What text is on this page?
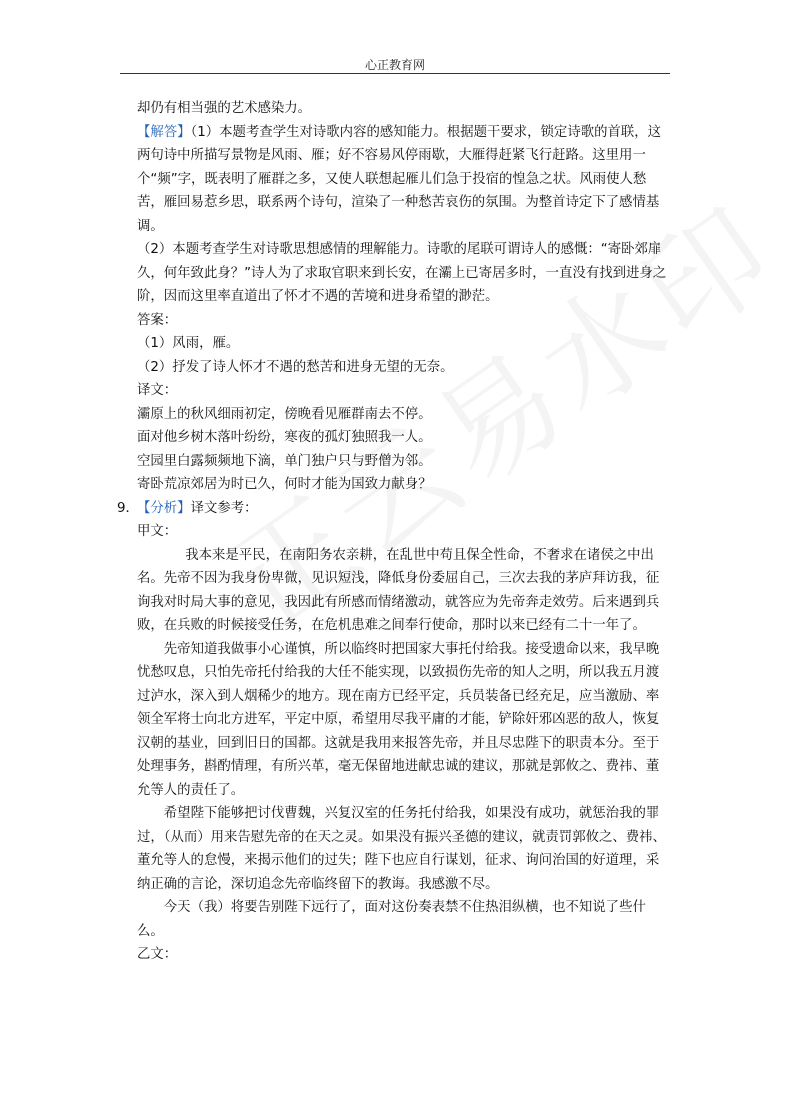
心正教育网

却仍有相当强的艺术感染力。

【解答】（1）本题考查学生对诗歌内容的感知能力。根据题干要求，锁定诗歌的首联，这两句诗中所描写景物是风雨、雁；好不容易风停雨歇，大雁得赶紧飞行赶路。这里用一个“频”字，既表明了雁群之多，又使人联想起雁儿们急于投宿的惶急之状。风雨使人愁苦，雁回易惹乡思，联系两个诗句，渲染了一种愁苦哀伤的氛围。为整首诗定下了感情基调。

（2）本题考查学生对诗歌思想感情的理解能力。诗歌的尾联可谓诗人的感慨：“寄卧郊扉久，何年致此身？”诗人为了求取官职来到长安，在灞上已寄居多时，一直没有找到进身之阶，因而这里率直道出了怀才不遇的苦境和进身希望的渺茫。

答案：

（1）风雨，雁。

（2）抒发了诗人怀才不遇的愁苦和进身无望的无奈。

译文：

灞原上的秋风细雨初定，傍晚看见雁群南去不停。

面对他乡树木落叶纷纷，寒夜的孤灯独照我一人。

空园里白露频频地下滴，单门独户只与野僧为邻。

寄卧荒凉郊居为时已久，何时才能为国致力献身？

9．
【分析】译文参考：

甲文：

我本来是平民，在南阳务农亲耕，在乱世中苟且保全性命，不奢求在诸侯之中出名。先帝不因为我身份卑微，见识短浅，降低身份委屈自己，三次去我的茅庐拜访我，征询我对时局大事的意见，我因此有所感而情绪激动，就答应为先帝奔走效劳。后来遇到兵败，在兵败的时候接受任务，在危机患难之间奉行使命，那时以来已经有二十一年了。

先帝知道我做事小心谨慎，所以临终时把国家大事托付给我。接受遗命以来，我早晚忧愁叹息，只怕先帝托付给我的大任不能实现，以致损伤先帝的知人之明，所以我五月渡过泸水，深入到人烟稀少的地方。现在南方已经平定，兵员装备已经充足，应当激励、率领全军将士向北方进军，平定中原，希望用尽我平庸的才能，铲除奸邪凶恶的敌人，恢复汉朝的基业，回到旧日的国都。这就是我用来报答先帝，并且尽忠陛下的职责本分。至于处理事务，斟酌情理，有所兴革，毫无保留地进献忠诚的建议，那就是郭攸之、费祎、董允等人的责任了。

希望陛下能够把讨伐曹魏，兴复汉室的任务托付给我，如果没有成功，就惩治我的罪过，（从而）用来告慰先帝的在天之灵。如果没有振兴圣德的建议，就责罚郭攸之、费祎、董允等人的怠慢，来揭示他们的过失；陛下也应自行谋划，征求、询问治国的好道理，采纳正确的言论，深切追念先帝临终留下的教诲。我感激不尽。

今天（我）将要告别陛下远行了，面对这份奏表禁不住热泪纵横，也不知说了些什么。

乙文：
